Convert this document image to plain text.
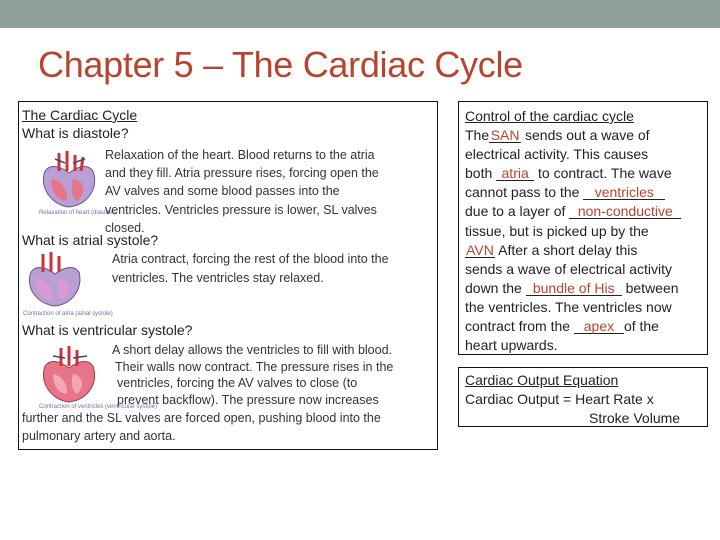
Chapter 5 – The Cardiac Cycle
The Cardiac Cycle
What is diastole?
Relaxation of heart (diastole)
Relaxation of the heart. Blood returns to the atria
and they fill. Atria pressure rises, forcing open the
AV valves and some blood passes into the
ventricles. Ventricles pressure is lower, SL valves
closed.
What is atrial systole?
Contraction of atria (atrial systole)
Atria contract, forcing the rest of the blood into the
ventricles. The ventricles stay relaxed.
What is ventricular systole?
Contraction of ventricles (ventricular systole)
A short delay allows the ventricles to fill with blood.
Their walls now contract. The pressure rises in the
ventricles, forcing the AV valves to close (to
prevent backflow). The pressure now increases
further and the SL valves are forced open, pushing blood into the
pulmonary artery and aorta.
Control of the cardiac cycle
The SAN sends out a wave of
electrical activity. This causes
both atria to contract. The wave
cannot pass to the ventricles
due to a layer of non-conductive
tissue, but is picked up by the
AVN After a short delay this
sends a wave of electrical activity
down the bundle of His between
the ventricles. The ventricles now
contract from the apex of the
heart upwards.
Cardiac Output Equation
Cardiac Output = Heart Rate x
Stroke Volume
